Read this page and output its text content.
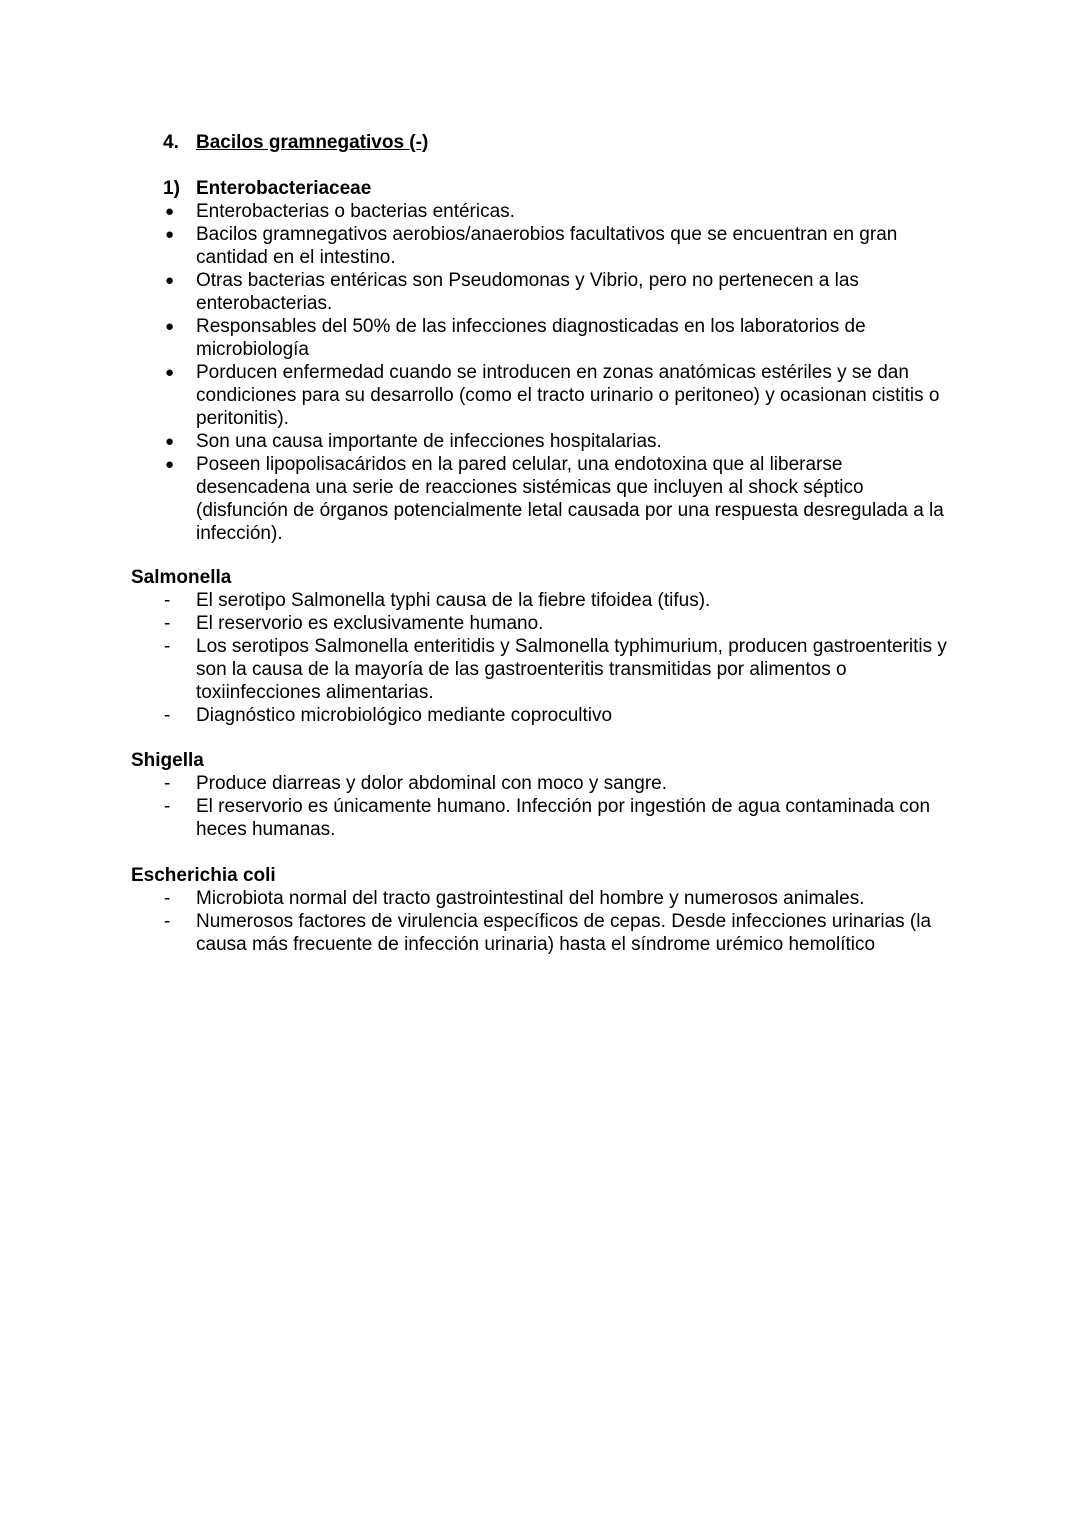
4. Bacilos gramnegativos (-)
1) Enterobacteriaceae
● Enterobacterias o bacterias entéricas.
● Bacilos gramnegativos aerobios/anaerobios facultativos que se encuentran en gran cantidad en el intestino.
● Otras bacterias entéricas son Pseudomonas y Vibrio, pero no pertenecen a las enterobacterias.
● Responsables del 50% de las infecciones diagnosticadas en los laboratorios de microbiología
● Porducen enfermedad cuando se introducen en zonas anatómicas estériles y se dan condiciones para su desarrollo (como el tracto urinario o peritoneo) y ocasionan cistitis o peritonitis).
● Son una causa importante de infecciones hospitalarias.
● Poseen lipopolisacáridos en la pared celular, una endotoxina que al liberarse desencadena una serie de reacciones sistémicas que incluyen al shock séptico (disfunción de órganos potencialmente letal causada por una respuesta desregulada a la infección).
Salmonella
- El serotipo Salmonella typhi causa de la fiebre tifoidea (tifus).
- El reservorio es exclusivamente humano.
- Los serotipos Salmonella enteritidis y Salmonella typhimurium, producen gastroenteritis y son la causa de la mayoría de las gastroenteritis transmitidas por alimentos o toxiinfecciones alimentarias.
- Diagnóstico microbiológico mediante coprocultivo
Shigella
- Produce diarreas y dolor abdominal con moco y sangre.
- El reservorio es únicamente humano. Infección por ingestión de agua contaminada con heces humanas.
Escherichia coli
- Microbiota normal del tracto gastrointestinal del hombre y numerosos animales.
- Numerosos factores de virulencia específicos de cepas. Desde infecciones urinarias (la causa más frecuente de infección urinaria) hasta el síndrome urémico hemolítico
